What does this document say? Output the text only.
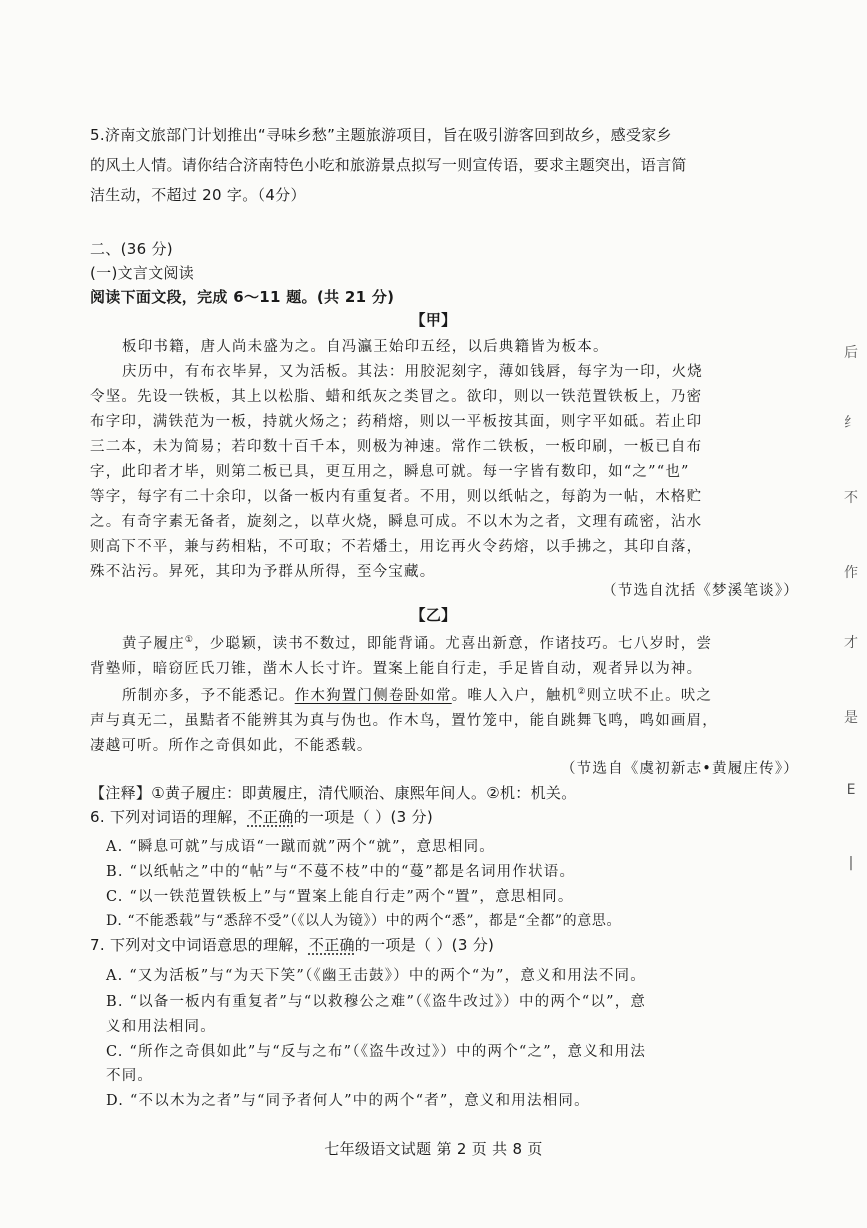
5.济南文旅部门计划推出“寻味乡愁”主题旅游项目，旨在吸引游客回到故乡，感受家乡
的风土人情。请你结合济南特色小吃和旅游景点拟写一则宣传语，要求主题突出，语言简
洁生动，不超过 20 字。（4分）
二、(36 分)
(一)文言文阅读
阅读下面文段，完成 6～11 题。(共 21 分)
【甲】
板印书籍，唐人尚未盛为之。自冯瀛王始印五经，以后典籍皆为板本。
庆历中，有布衣毕昇，又为活板。其法：用胶泥刻字，薄如钱唇，每字为一印，火烧
令坚。先设一铁板，其上以松脂、蜡和纸灰之类冒之。欲印，则以一铁范置铁板上，乃密
布字印，满铁范为一板，持就火炀之；药稍熔，则以一平板按其面，则字平如砥。若止印
三二本，未为简易；若印数十百千本，则极为神速。常作二铁板，一板印刷，一板已自布
字，此印者才毕，则第二板已具，更互用之，瞬息可就。每一字皆有数印，如“之”“也”
等字，每字有二十余印，以备一板内有重复者。不用，则以纸帖之，每韵为一帖，木格贮
之。有奇字素无备者，旋刻之，以草火烧，瞬息可成。不以木为之者，文理有疏密，沾水
则高下不平，兼与药相粘，不可取；不若燔土，用讫再火令药熔，以手拂之，其印自落，
殊不沾污。昇死，其印为予群从所得，至今宝藏。
（节选自沈括《梦溪笔谈》）
【乙】
黄子履庄①，少聪颖，读书不数过，即能背诵。尤喜出新意，作诸技巧。七八岁时，尝
背塾师，暗窃匠氏刀锥，凿木人长寸许。置案上能自行走，手足皆自动，观者异以为神。
所制亦多，予不能悉记。作木狗置门侧卷卧如常。唯人入户，触机②则立吠不止。吠之
声与真无二，虽黠者不能辨其为真与伪也。作木鸟，置竹笼中，能自跳舞飞鸣，鸣如画眉，
凄越可听。所作之奇俱如此，不能悉载。
（节选自《虞初新志•黄履庄传》）
【注释】①黄子履庄：即黄履庄，清代顺治、康熙年间人。②机：机关。
6. 下列对词语的理解，不正确的一项是（ ）(3 分)
A. “瞬息可就”与成语“一蹴而就”两个“就”，意思相同。
B. “以纸帖之”中的“帖”与“不蔓不枝”中的“蔓”都是名词用作状语。
C. “以一铁范置铁板上”与“置案上能自行走”两个“置”，意思相同。
D. “不能悉载”与“悉辞不受”（《以人为镜》）中的两个“悉”，都是“全都”的意思。
7. 下列对文中词语意思的理解，不正确的一项是（ ）(3 分)
A. “又为活板”与“为天下笑”（《幽王击鼓》）中的两个“为”，意义和用法不同。
B. “以备一板内有重复者”与“以救穆公之难”（《盗牛改过》）中的两个“以”，意
义和用法相同。
C. “所作之奇俱如此”与“反与之布”（《盗牛改过》）中的两个“之”，意义和用法
不同。
D. “不以木为之者”与“同予者何人”中的两个“者”，意义和用法相同。
七年级语文试题 第 2 页 共 8 页
后
纟
不
作
才
是
E
|
